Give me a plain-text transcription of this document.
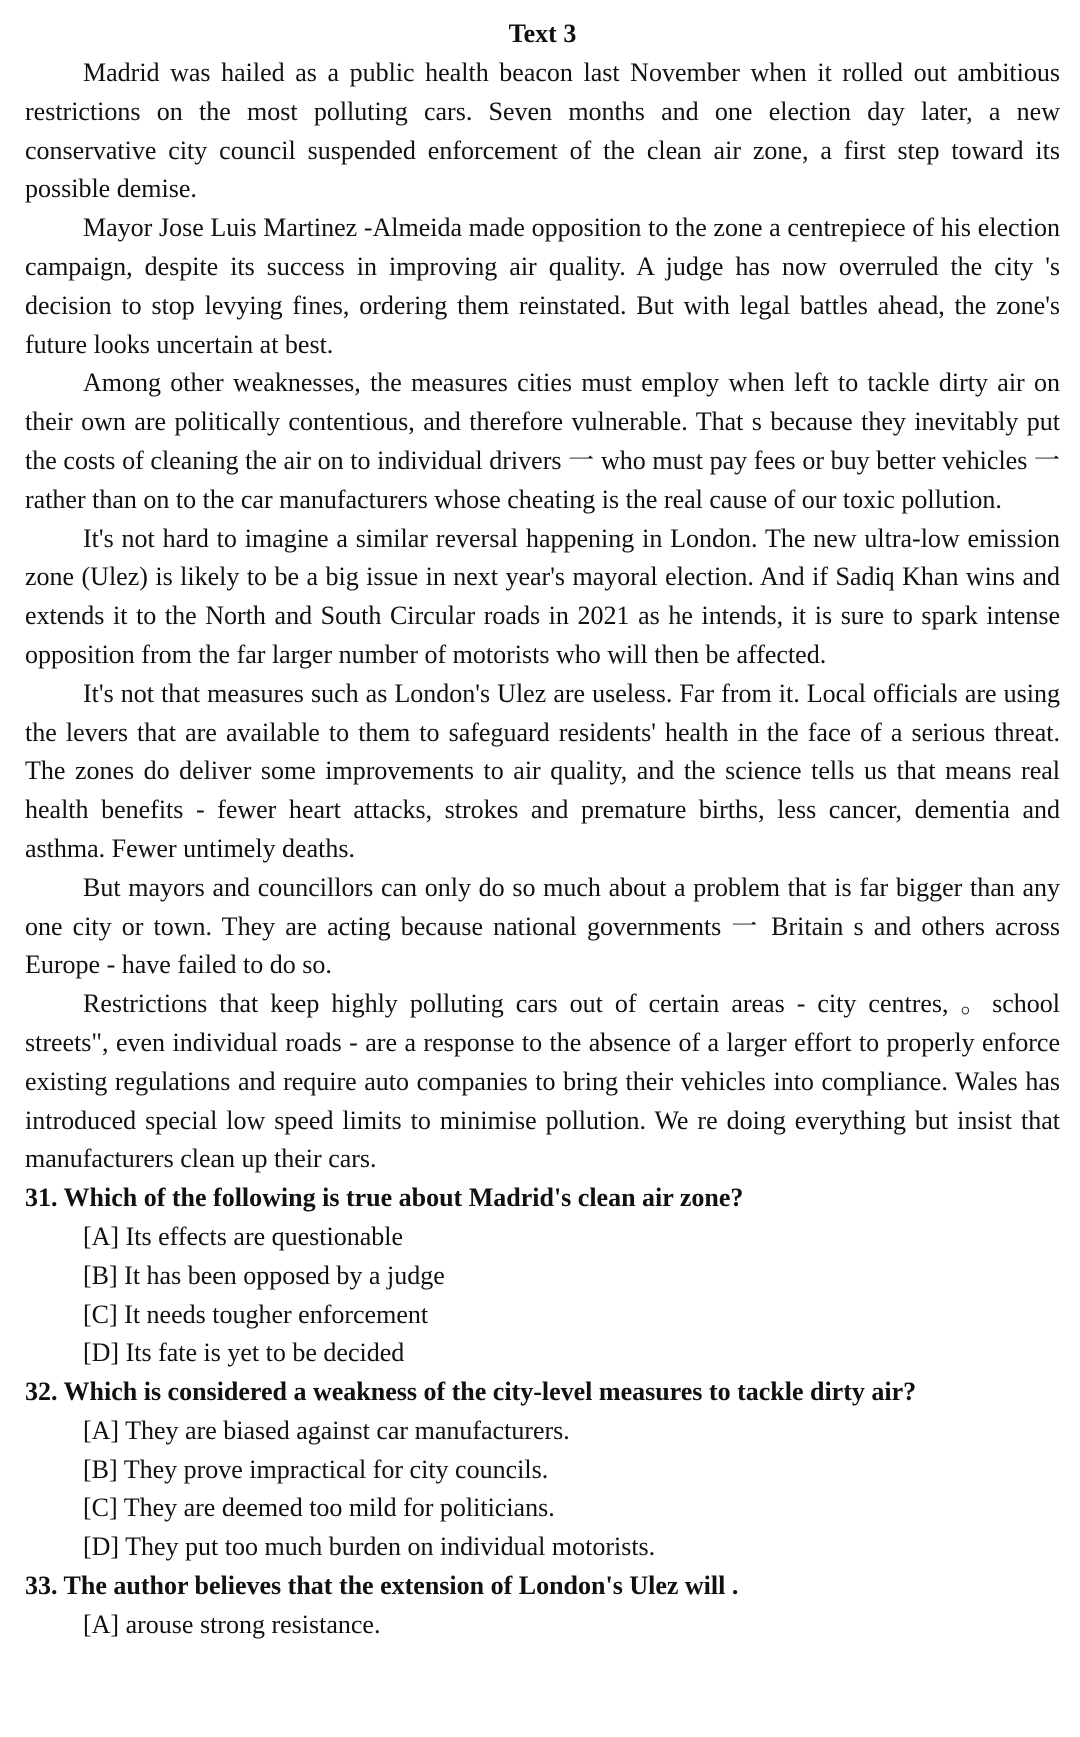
Text 3

Madrid was hailed as a public health beacon last November when it rolled out ambitious restrictions on the most polluting cars. Seven months and one election day later, a new conservative city council suspended enforcement of the clean air zone, a first step toward its possible demise.

Mayor Jose Luis Martinez -Almeida made opposition to the zone a centrepiece of his election campaign, despite its success in improving air quality. A judge has now overruled the city 's decision to stop levying fines, ordering them reinstated. But with legal battles ahead, the zone's future looks uncertain at best.

Among other weaknesses, the measures cities must employ when left to tackle dirty air on their own are politically contentious, and therefore vulnerable. That s because they inevitably put the costs of cleaning the air on to individual drivers 一 who must pay fees or buy better vehicles 一 rather than on to the car manufacturers whose cheating is the real cause of our toxic pollution.

It's not hard to imagine a similar reversal happening in London. The new ultra-low emission zone (Ulez) is likely to be a big issue in next year's mayoral election. And if Sadiq Khan wins and extends it to the North and South Circular roads in 2021 as he intends, it is sure to spark intense opposition from the far larger number of motorists who will then be affected.

It's not that measures such as London's Ulez are useless. Far from it. Local officials are using the levers that are available to them to safeguard residents' health in the face of a serious threat. The zones do deliver some improvements to air quality, and the science tells us that means real health benefits - fewer heart attacks, strokes and premature births, less cancer, dementia and asthma. Fewer untimely deaths.

But mayors and councillors can only do so much about a problem that is far bigger than any one city or town. They are acting because national governments 一 Britain s and others across Europe - have failed to do so.

Restrictions that keep highly polluting cars out of certain areas - city centres, 。school streets", even individual roads - are a response to the absence of a larger effort to properly enforce existing regulations and require auto companies to bring their vehicles into compliance. Wales has introduced special low speed limits to minimise pollution. We re doing everything but insist that manufacturers clean up their cars.

31. Which of the following is true about Madrid's clean air zone?

[A] Its effects are questionable

[B] It has been opposed by a judge

[C] It needs tougher enforcement

[D] Its fate is yet to be decided

32. Which is considered a weakness of the city-level measures to tackle dirty air?

[A] They are biased against car manufacturers.

[B] They prove impractical for city councils.

[C] They are deemed too mild for politicians.

[D] They put too much burden on individual motorists.

33. The author believes that the extension of London's Ulez will .

[A] arouse strong resistance.
